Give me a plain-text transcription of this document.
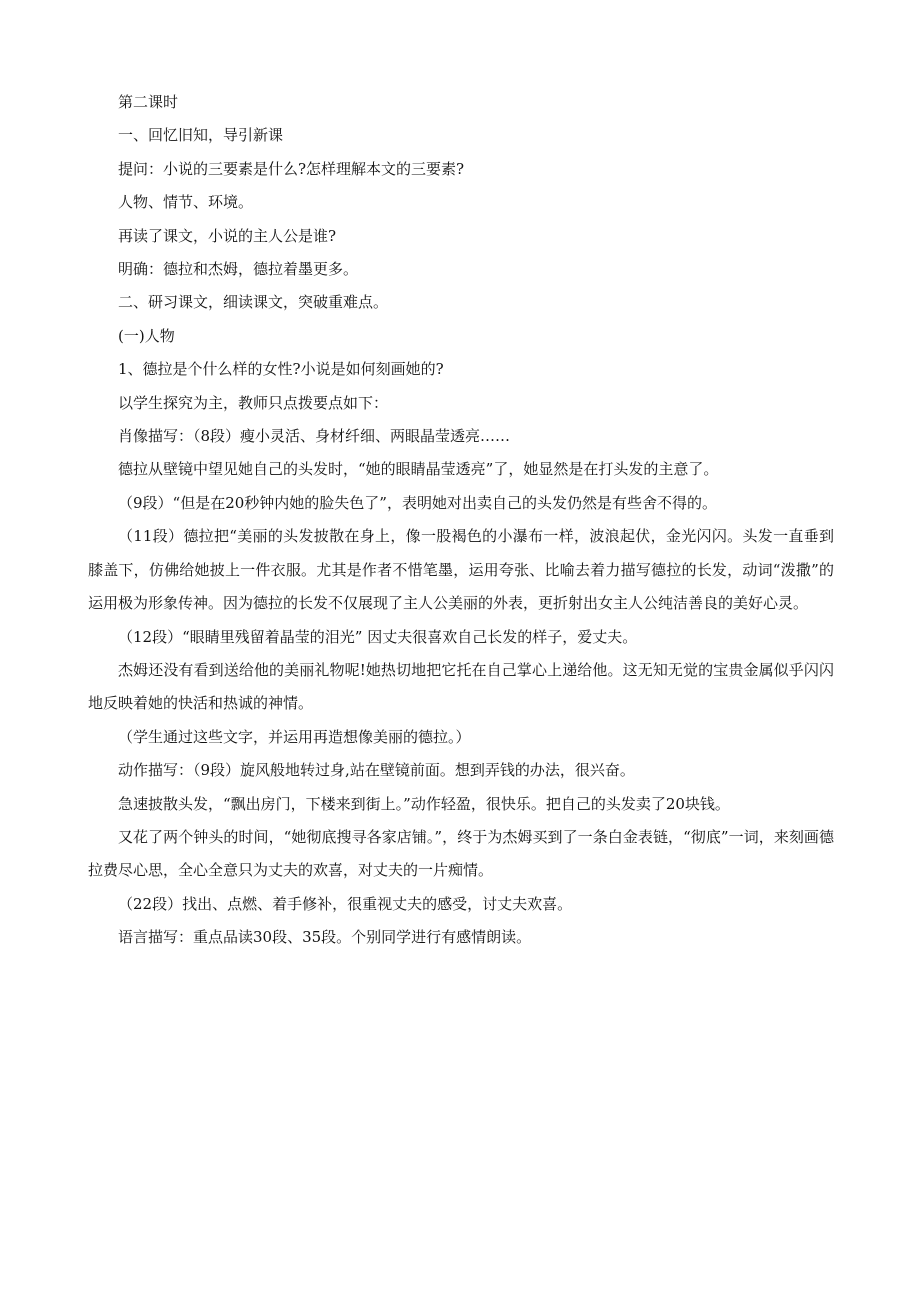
第二课时

一、回忆旧知，导引新课

提问：小说的三要素是什么?怎样理解本文的三要素?

人物、情节、环境。

再读了课文，小说的主人公是谁?

明确：德拉和杰姆，德拉着墨更多。

二、研习课文，细读课文，突破重难点。

(一)人物

1、德拉是个什么样的女性?小说是如何刻画她的?

以学生探究为主，教师只点拨要点如下：

肖像描写：（8段）瘦小灵活、身材纤细、两眼晶莹透亮……

德拉从壁镜中望见她自己的头发时，“她的眼睛晶莹透亮”了，她显然是在打头发的主意了。

（9段）“但是在20秒钟内她的脸失色了”，表明她对出卖自己的头发仍然是有些舍不得的。

（11段）德拉把“美丽的头发披散在身上，像一股褐色的小瀑布一样，波浪起伏，金光闪闪。头发一直垂到膝盖下，仿佛给她披上一件衣服。尤其是作者不惜笔墨，运用夸张、比喻去着力描写德拉的长发，动词“泼撒”的运用极为形象传神。因为德拉的长发不仅展现了主人公美丽的外表，更折射出女主人公纯洁善良的美好心灵。

（12段）“眼睛里残留着晶莹的泪光” 因丈夫很喜欢自己长发的样子，爱丈夫。

杰姆还没有看到送给他的美丽礼物呢!她热切地把它托在自己掌心上递给他。这无知无觉的宝贵金属似乎闪闪地反映着她的快活和热诚的神情。

（学生通过这些文字，并运用再造想像美丽的德拉。）

动作描写：（9段）旋风般地转过身,站在壁镜前面。想到弄钱的办法，很兴奋。

急速披散头发，“飘出房门，下楼来到街上。”动作轻盈，很快乐。把自己的头发卖了20块钱。

又花了两个钟头的时间，“她彻底搜寻各家店铺。”，终于为杰姆买到了一条白金表链，“彻底”一词，来刻画德拉费尽心思，全心全意只为丈夫的欢喜，对丈夫的一片痴情。

（22段）找出、点燃、着手修补，很重视丈夫的感受，讨丈夫欢喜。

语言描写：重点品读30段、35段。个别同学进行有感情朗读。
